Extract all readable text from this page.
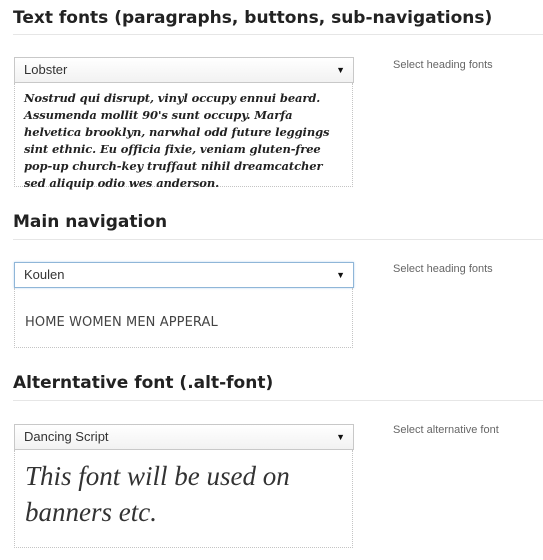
Text fonts (paragraphs, buttons, sub-navigations)
Lobster	▼	Select heading fonts
Nostrud qui disrupt, vinyl occupy ennui beard. Assumenda mollit 90's sunt occupy. Marfa helvetica brooklyn, narwhal odd future leggings sint ethnic. Eu officia fixie, veniam gluten-free pop-up church-key truffaut nihil dreamcatcher sed aliquip odio wes anderson.
Main navigation
Koulen	▼	Select heading fonts
HOME WOMEN MEN APPERAL
Alterntative font (.alt-font)
Dancing Script	▼
Select alternative font
This font will be used on banners etc.
